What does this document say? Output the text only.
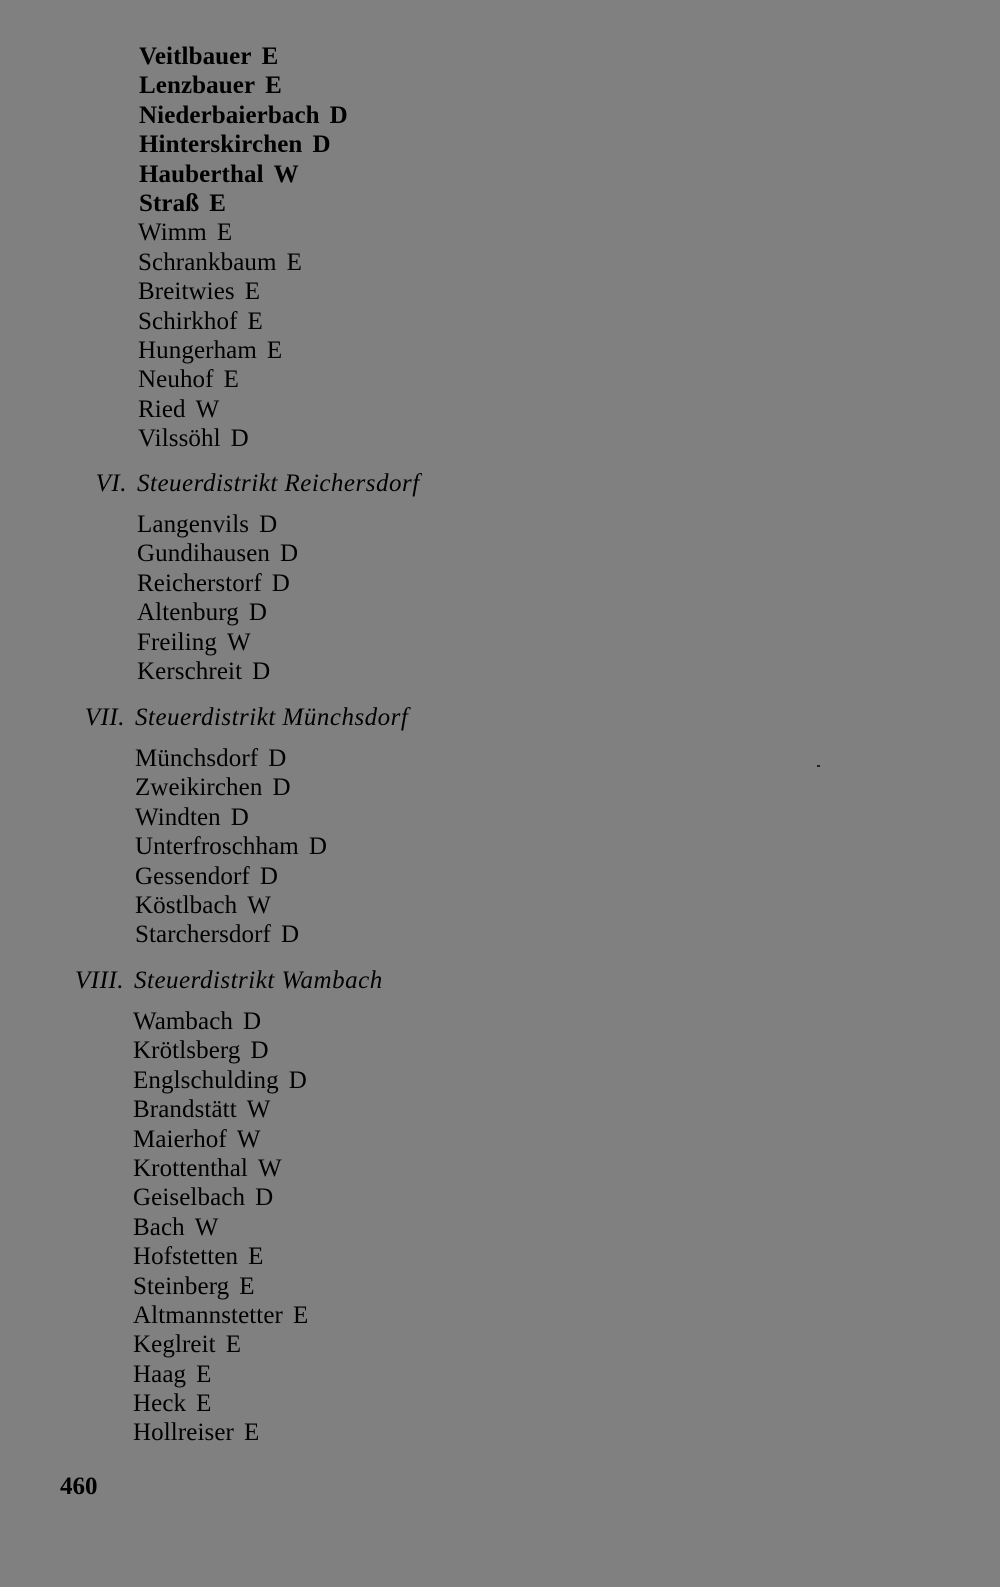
Veitlbauer E
Lenzbauer E
Niederbaierbach D
Hinterskirchen D
Hauberthal W
Straß E
Wimm E
Schrankbaum E
Breitwies E
Schirkhof E
Hungerham E
Neuhof E
Ried W
Vilssöhl D
VI. Steuerdistrikt Reichersdorf
Langenvils D
Gundihausen D
Reicherstorf D
Altenburg D
Freiling W
Kerschreit D
VII. Steuerdistrikt Münchsdorf
Münchsdorf D
Zweikirchen D
Windten D
Unterfroschham D
Gessendorf D
Köstlbach W
Starchersdorf D
VIII. Steuerdistrikt Wambach
Wambach D
Krötlsberg D
Englschulding D
Brandstätt W
Maierhof W
Krottenthal W
Geiselbach D
Bach W
Hofstetten E
Steinberg E
Altmannstetter E
Keglreit E
Haag E
Heck E
Hollreiser E
460
